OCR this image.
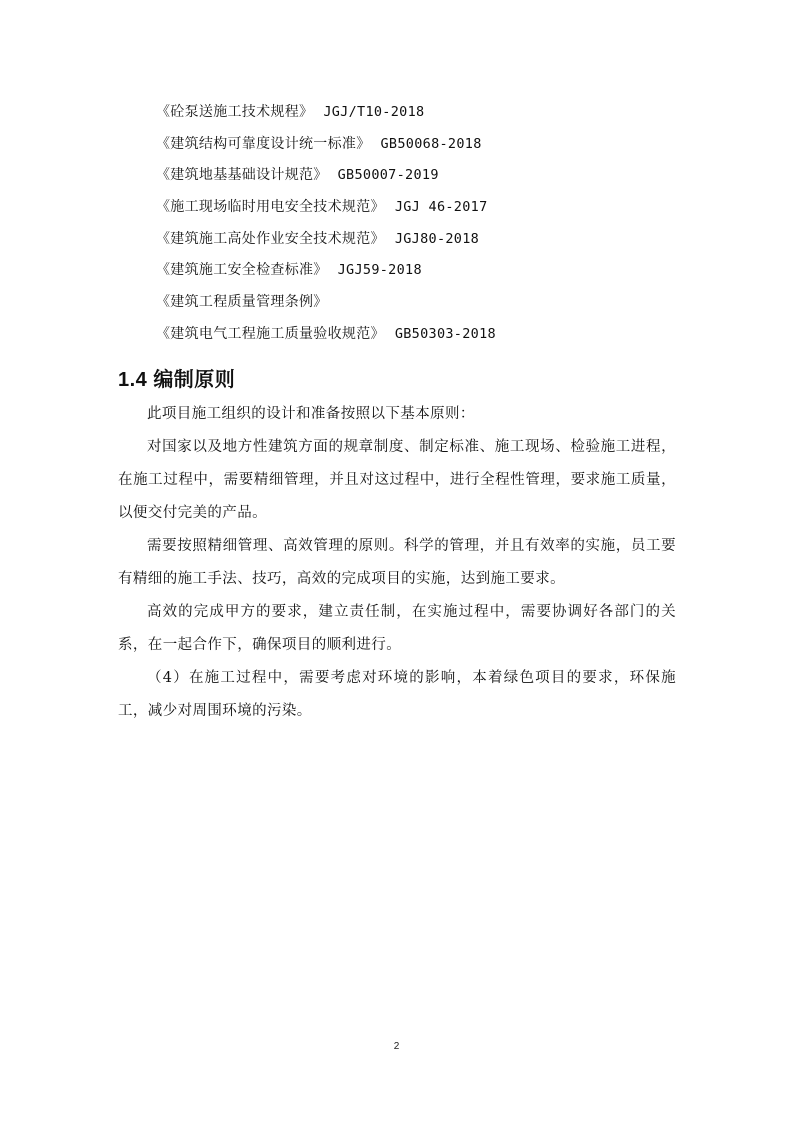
《砼泵送施工技术规程》 JGJ/T10-2018
《建筑结构可靠度设计统一标准》 GB50068-2018
《建筑地基基础设计规范》 GB50007-2019
《施工现场临时用电安全技术规范》 JGJ 46-2017
《建筑施工高处作业安全技术规范》 JGJ80-2018
《建筑施工安全检查标准》 JGJ59-2018
《建筑工程质量管理条例》
《建筑电气工程施工质量验收规范》 GB50303-2018
1.4 编制原则

此项目施工组织的设计和准备按照以下基本原则：

对国家以及地方性建筑方面的规章制度、制定标准、施工现场、检验施工进程，在施工过程中，需要精细管理，并且对这过程中，进行全程性管理，要求施工质量，以便交付完美的产品。

需要按照精细管理、高效管理的原则。科学的管理，并且有效率的实施，员工要有精细的施工手法、技巧，高效的完成项目的实施，达到施工要求。

高效的完成甲方的要求，建立责任制，在实施过程中，需要协调好各部门的关系，在一起合作下，确保项目的顺利进行。

（4）在施工过程中，需要考虑对环境的影响，本着绿色项目的要求，环保施工，减少对周围环境的污染。

2
